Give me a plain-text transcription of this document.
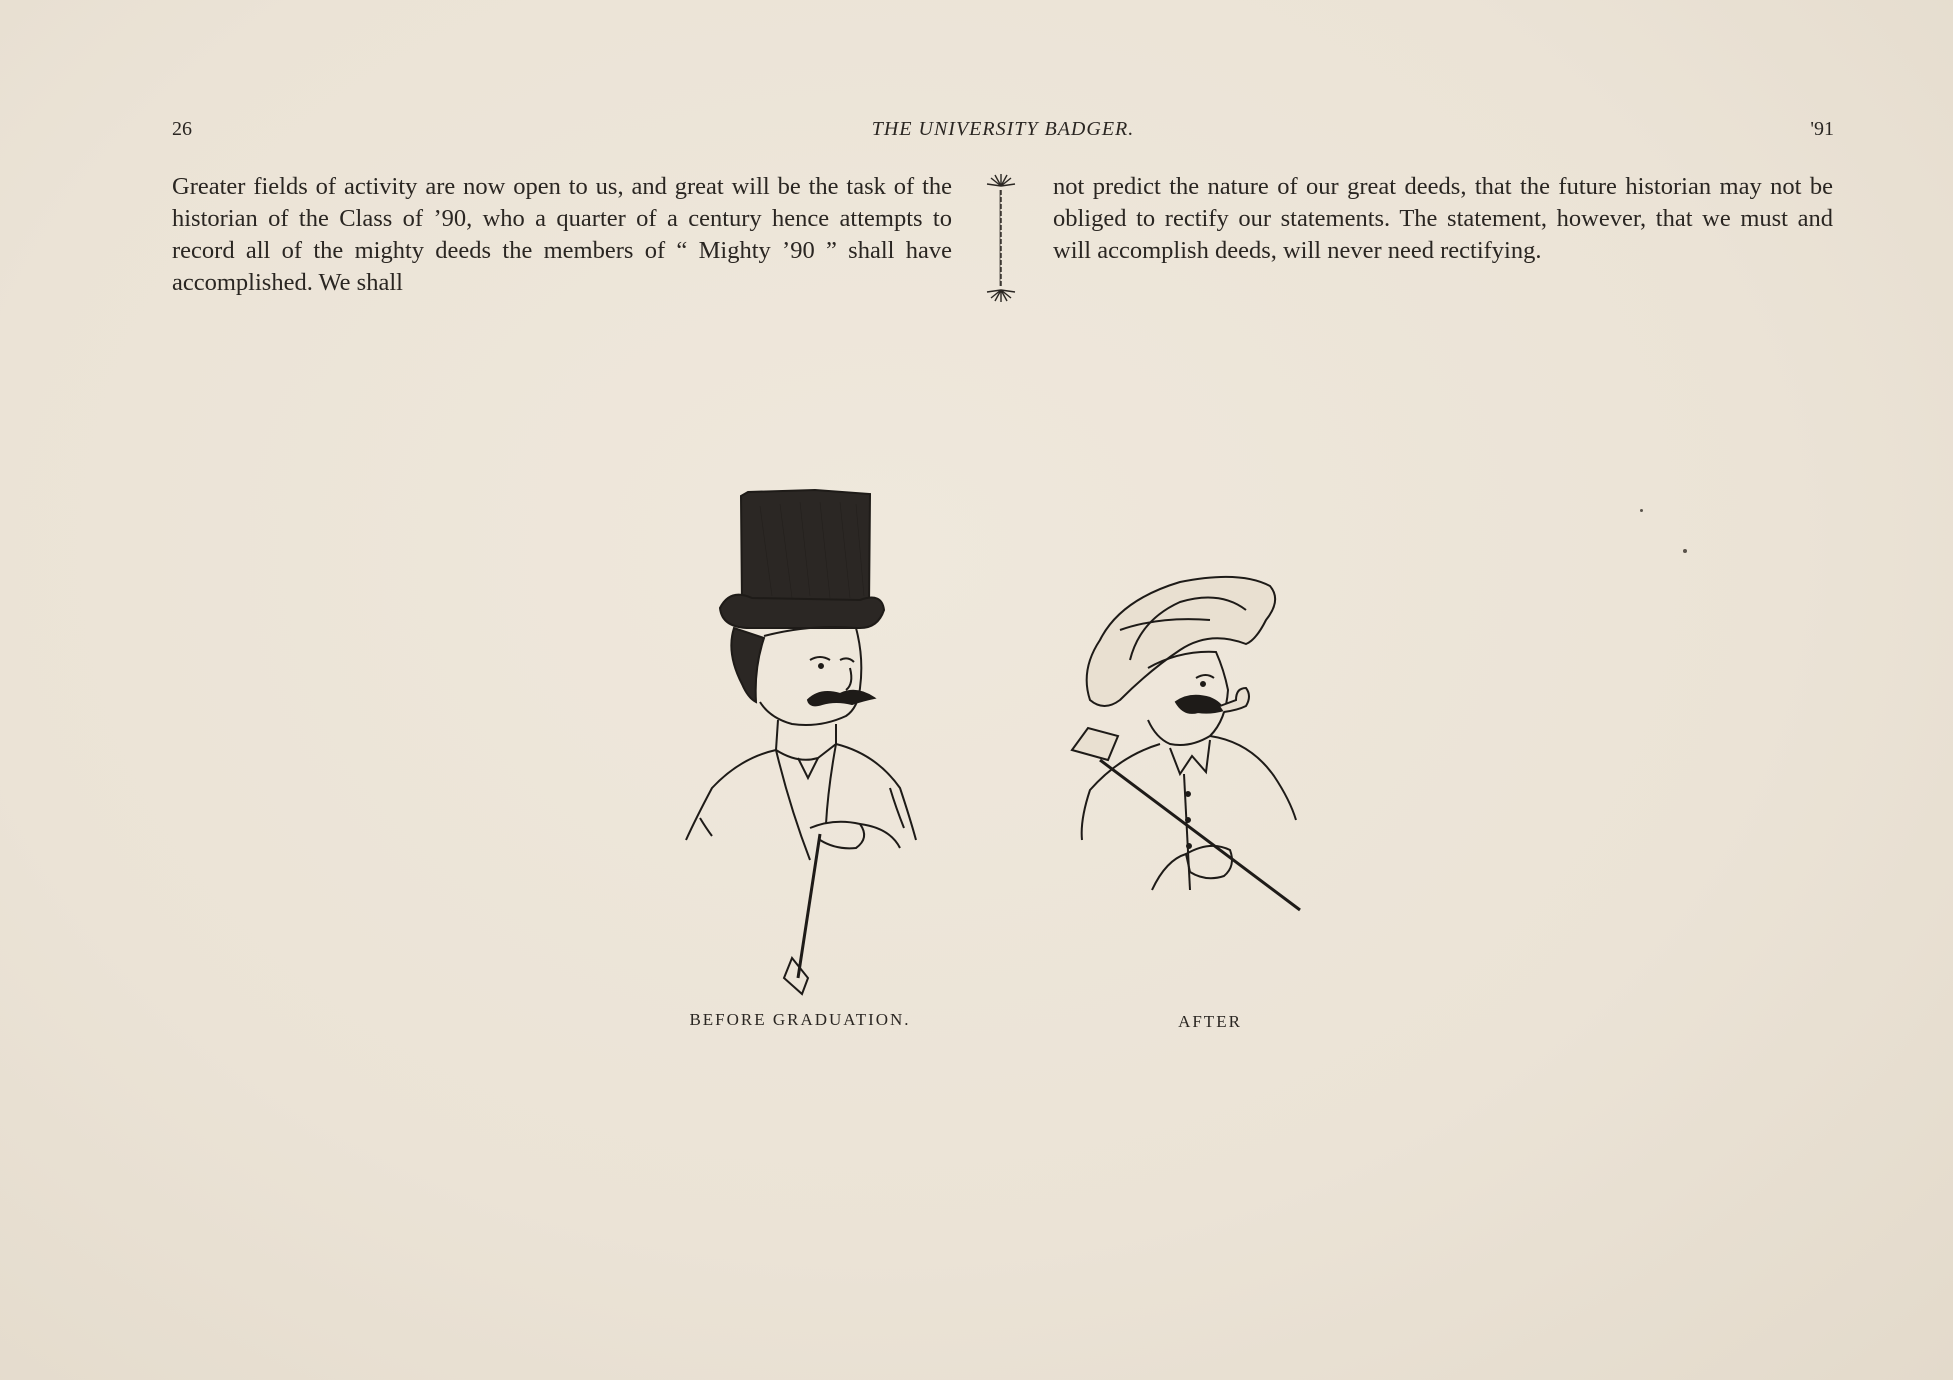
26	THE UNIVERSITY BADGER.	'91

Greater fields of activity are now open to us, and great will be the task of the historian of the Class of ’90, who a quarter of a century hence attempts to record all of the mighty deeds the members of “ Mighty ’90 ” shall have accomplished. We shall

not predict the nature of our great deeds, that the future historian may not be obliged to rectify our statements. The statement, however, that we must and will accomplish deeds, will never need rectifying.

BEFORE GRADUATION.	AFTER
